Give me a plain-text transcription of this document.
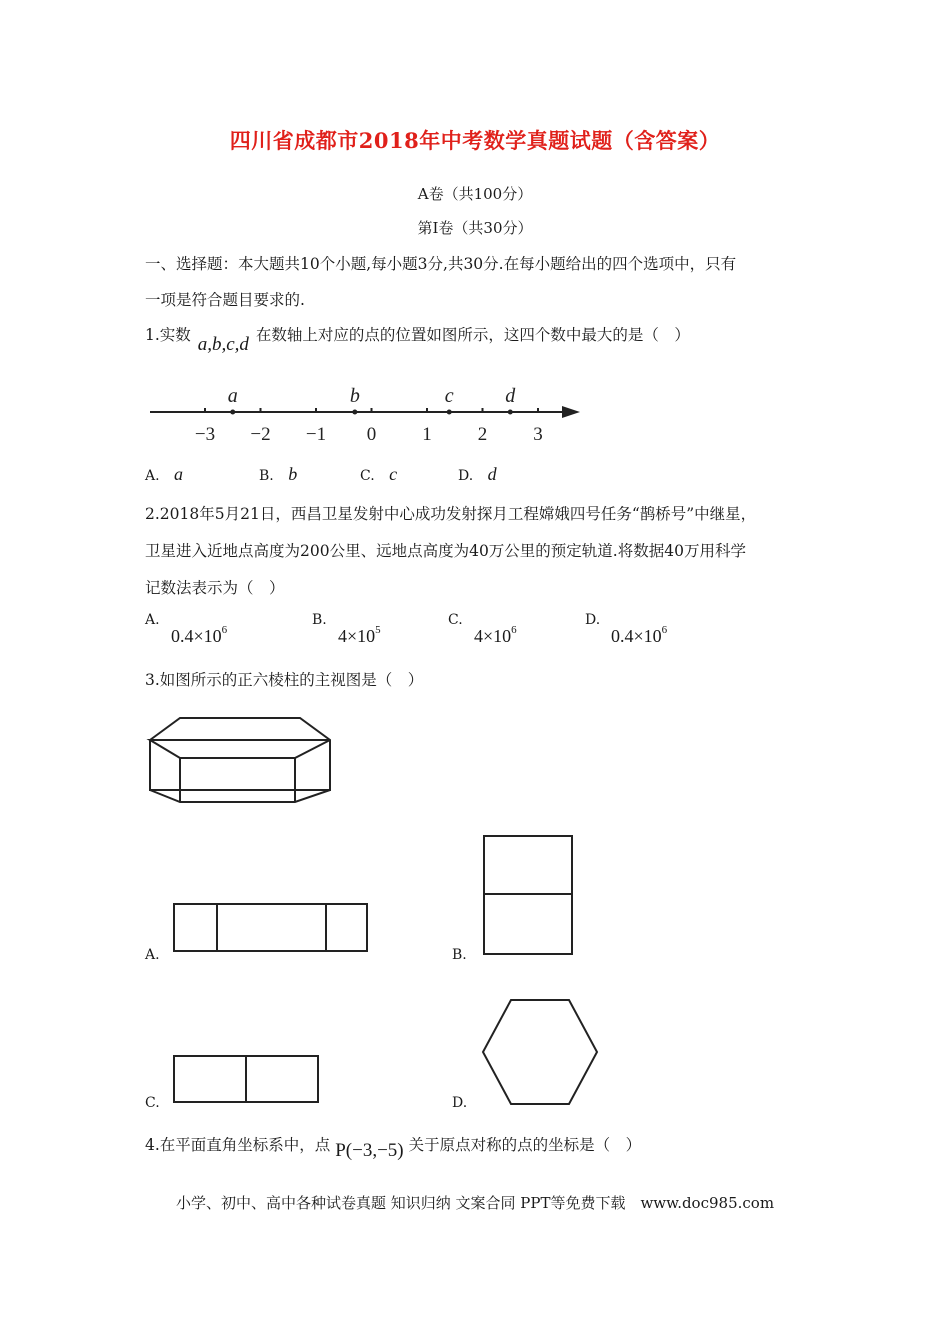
四川省成都市2018年中考数学真题试题（含答案）
A卷（共100分）
第Ⅰ卷（共30分）
一、选择题：本大题共10个小题,每小题3分,共30分.在每小题给出的四个选项中，只有
一项是符合题目要求的.
1.实数 a,b,c,d 在数轴上对应的点的位置如图所示，这四个数中最大的是（　）
−3 −2 −1 0 1 2 3
a	b	c	d
A. a	B. b	C. c	D. d
2.2018年5月21日，西昌卫星发射中心成功发射探月工程嫦娥四号任务“鹊桥号”中继星，
卫星进入近地点高度为200公里、远地点高度为40万公里的预定轨道.将数据40万用科学
记数法表示为（　）
A.
$0.4\times 10^6$
B.
$4\times 10^5$
C.
$4\times 10^6$
D.
$0.4\times 10^6$
3.如图所示的正六棱柱的主视图是（　）
A.	B.
C.	D.
4.在平面直角坐标系中，点 P(−3,−5) 关于原点对称的点的坐标是（　）
小学、初中、高中各种试卷真题 知识归纳 文案合同 PPT等免费下载　www.doc985.com
